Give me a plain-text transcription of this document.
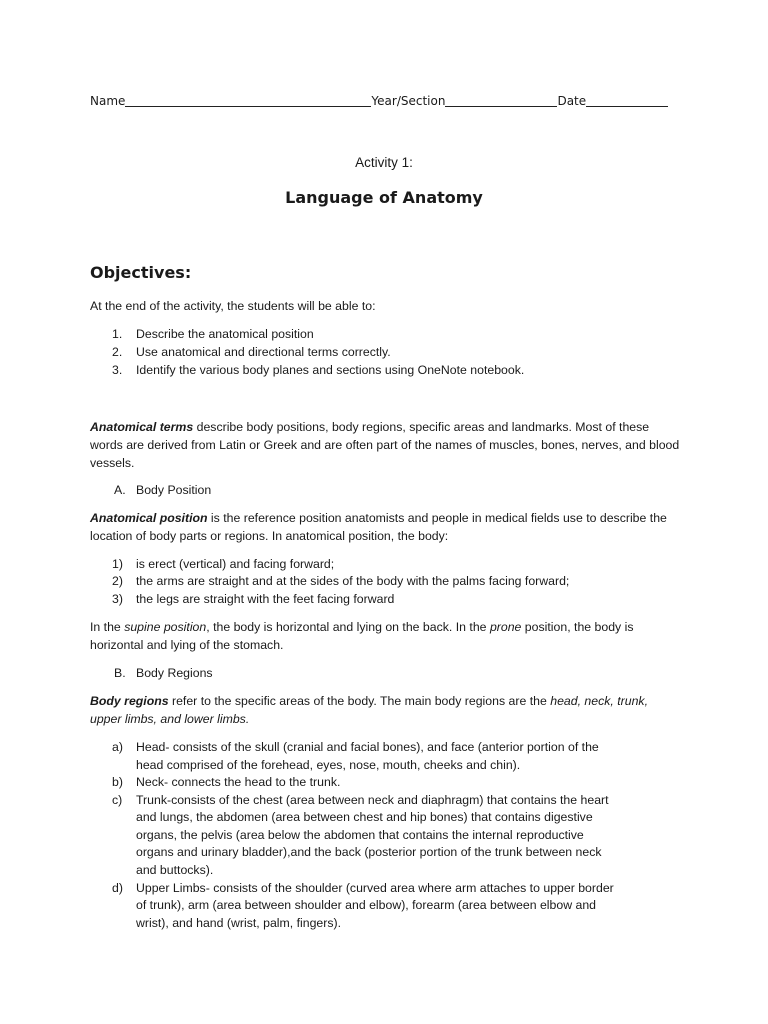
Name	Year/Section	Date
Activity 1:
Language of Anatomy
Objectives:
At the end of the activity, the students will be able to:
1. Describe the anatomical position
2. Use anatomical and directional terms correctly.
3. Identify the various body planes and sections using OneNote notebook.

Anatomical terms describe body positions, body regions, specific areas and landmarks. Most of these words are derived from Latin or Greek and are often part of the names of muscles, bones, nerves, and blood vessels.

A. Body Position

Anatomical position is the reference position anatomists and people in medical fields use to describe the location of body parts or regions. In anatomical position, the body:

1) is erect (vertical) and facing forward;
2) the arms are straight and at the sides of the body with the palms facing forward;
3) the legs are straight with the feet facing forward

In the supine position, the body is horizontal and lying on the back. In the prone position, the body is horizontal and lying of the stomach.

B. Body Regions

Body regions refer to the specific areas of the body. The main body regions are the head, neck, trunk, upper limbs, and lower limbs.

a) Head- consists of the skull (cranial and facial bones), and face (anterior portion of the
head comprised of the forehead, eyes, nose, mouth, cheeks and chin).
b) Neck- connects the head to the trunk.
c) Trunk-consists of the chest (area between neck and diaphragm) that contains the heart
and lungs, the abdomen (area between chest and hip bones) that contains digestive
organs, the pelvis (area below the abdomen that contains the internal reproductive
organs and urinary bladder),and the back (posterior portion of the trunk between neck
and buttocks).
d) Upper Limbs- consists of the shoulder (curved area where arm attaches to upper border
of trunk), arm (area between shoulder and elbow), forearm (area between elbow and
wrist), and hand (wrist, palm, fingers).
